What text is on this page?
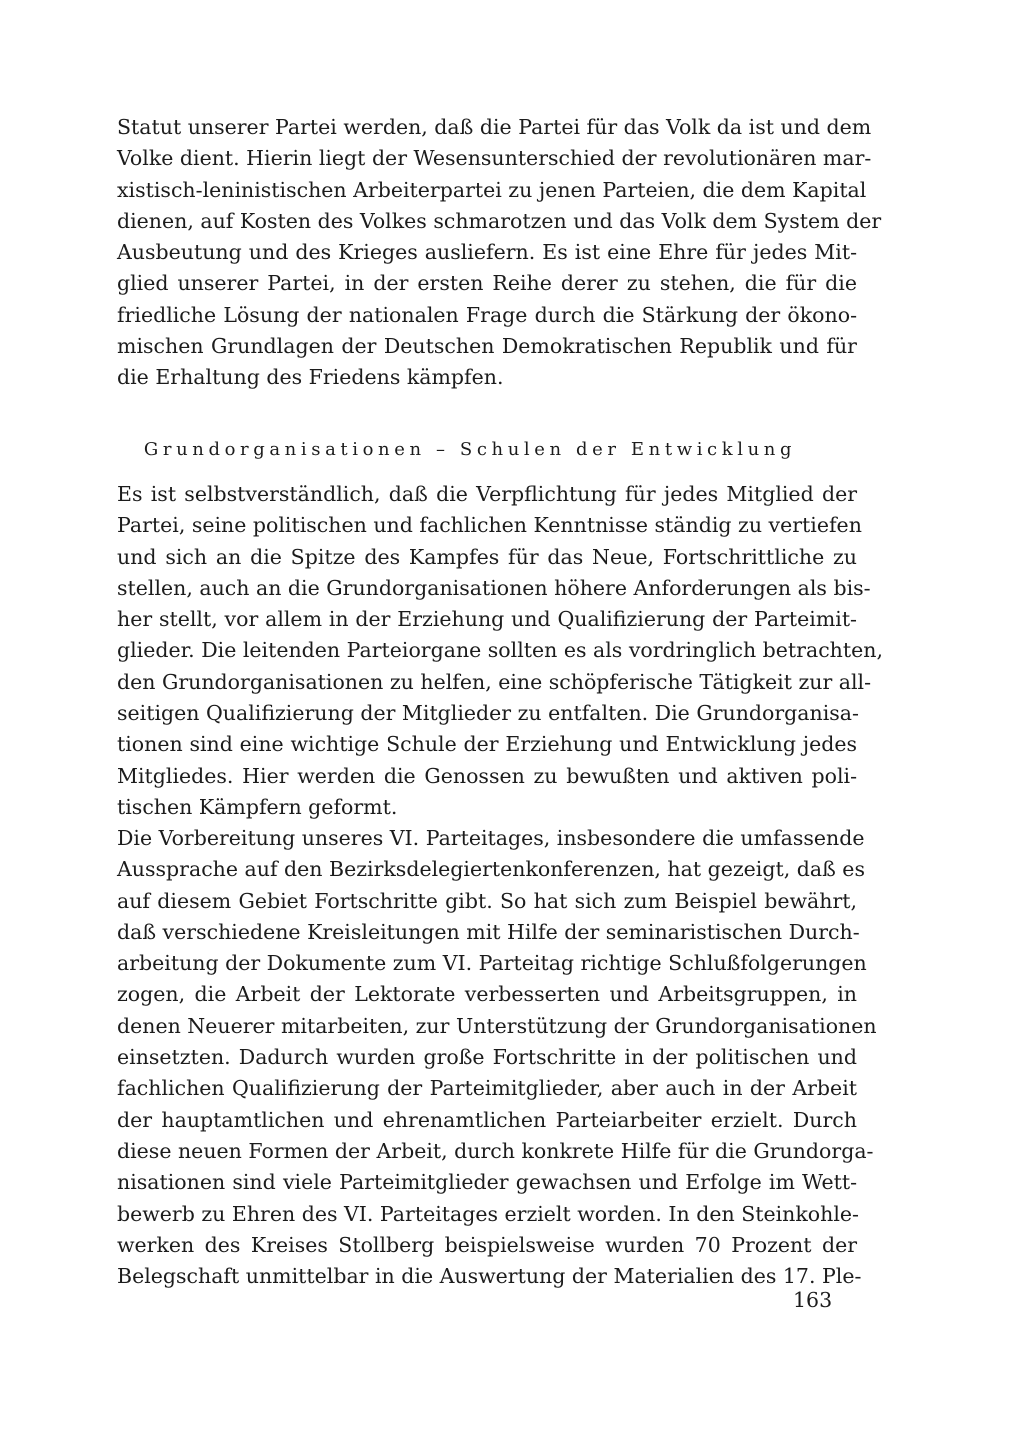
Statut unserer Partei werden, daß die Partei für das Volk da ist und dem
Volke dient. Hierin liegt der Wesensunterschied der revolutionären mar-
xistisch-leninistischen Arbeiterpartei zu jenen Parteien, die dem Kapital
dienen, auf Kosten des Volkes schmarotzen und das Volk dem System der
Ausbeutung und des Krieges ausliefern. Es ist eine Ehre für jedes Mit-
glied unserer Partei, in der ersten Reihe derer zu stehen, die für die
friedliche Lösung der nationalen Frage durch die Stärkung der ökono-
mischen Grundlagen der Deutschen Demokratischen Republik und für
die Erhaltung des Friedens kämpfen.
Grundorganisationen – Schulen der Entwicklung
Es ist selbstverständlich, daß die Verpflichtung für jedes Mitglied der
Partei, seine politischen und fachlichen Kenntnisse ständig zu vertiefen
und sich an die Spitze des Kampfes für das Neue, Fortschrittliche zu
stellen, auch an die Grundorganisationen höhere Anforderungen als bis-
her stellt, vor allem in der Erziehung und Qualifizierung der Parteimit-
glieder. Die leitenden Parteiorgane sollten es als vordringlich betrachten,
den Grundorganisationen zu helfen, eine schöpferische Tätigkeit zur all-
seitigen Qualifizierung der Mitglieder zu entfalten. Die Grundorganisa-
tionen sind eine wichtige Schule der Erziehung und Entwicklung jedes
Mitgliedes. Hier werden die Genossen zu bewußten und aktiven poli-
tischen Kämpfern geformt.
Die Vorbereitung unseres VI. Parteitages, insbesondere die umfassende
Aussprache auf den Bezirksdelegiertenkonferenzen, hat gezeigt, daß es
auf diesem Gebiet Fortschritte gibt. So hat sich zum Beispiel bewährt,
daß verschiedene Kreisleitungen mit Hilfe der seminaristischen Durch-
arbeitung der Dokumente zum VI. Parteitag richtige Schlußfolgerungen
zogen, die Arbeit der Lektorate verbesserten und Arbeitsgruppen, in
denen Neuerer mitarbeiten, zur Unterstützung der Grundorganisationen
einsetzten. Dadurch wurden große Fortschritte in der politischen und
fachlichen Qualifizierung der Parteimitglieder, aber auch in der Arbeit
der hauptamtlichen und ehrenamtlichen Parteiarbeiter erzielt. Durch
diese neuen Formen der Arbeit, durch konkrete Hilfe für die Grundorga-
nisationen sind viele Parteimitglieder gewachsen und Erfolge im Wett-
bewerb zu Ehren des VI. Parteitages erzielt worden. In den Steinkohle-
werken des Kreises Stollberg beispielsweise wurden 70 Prozent der
Belegschaft unmittelbar in die Auswertung der Materialien des 17. Ple-
163
